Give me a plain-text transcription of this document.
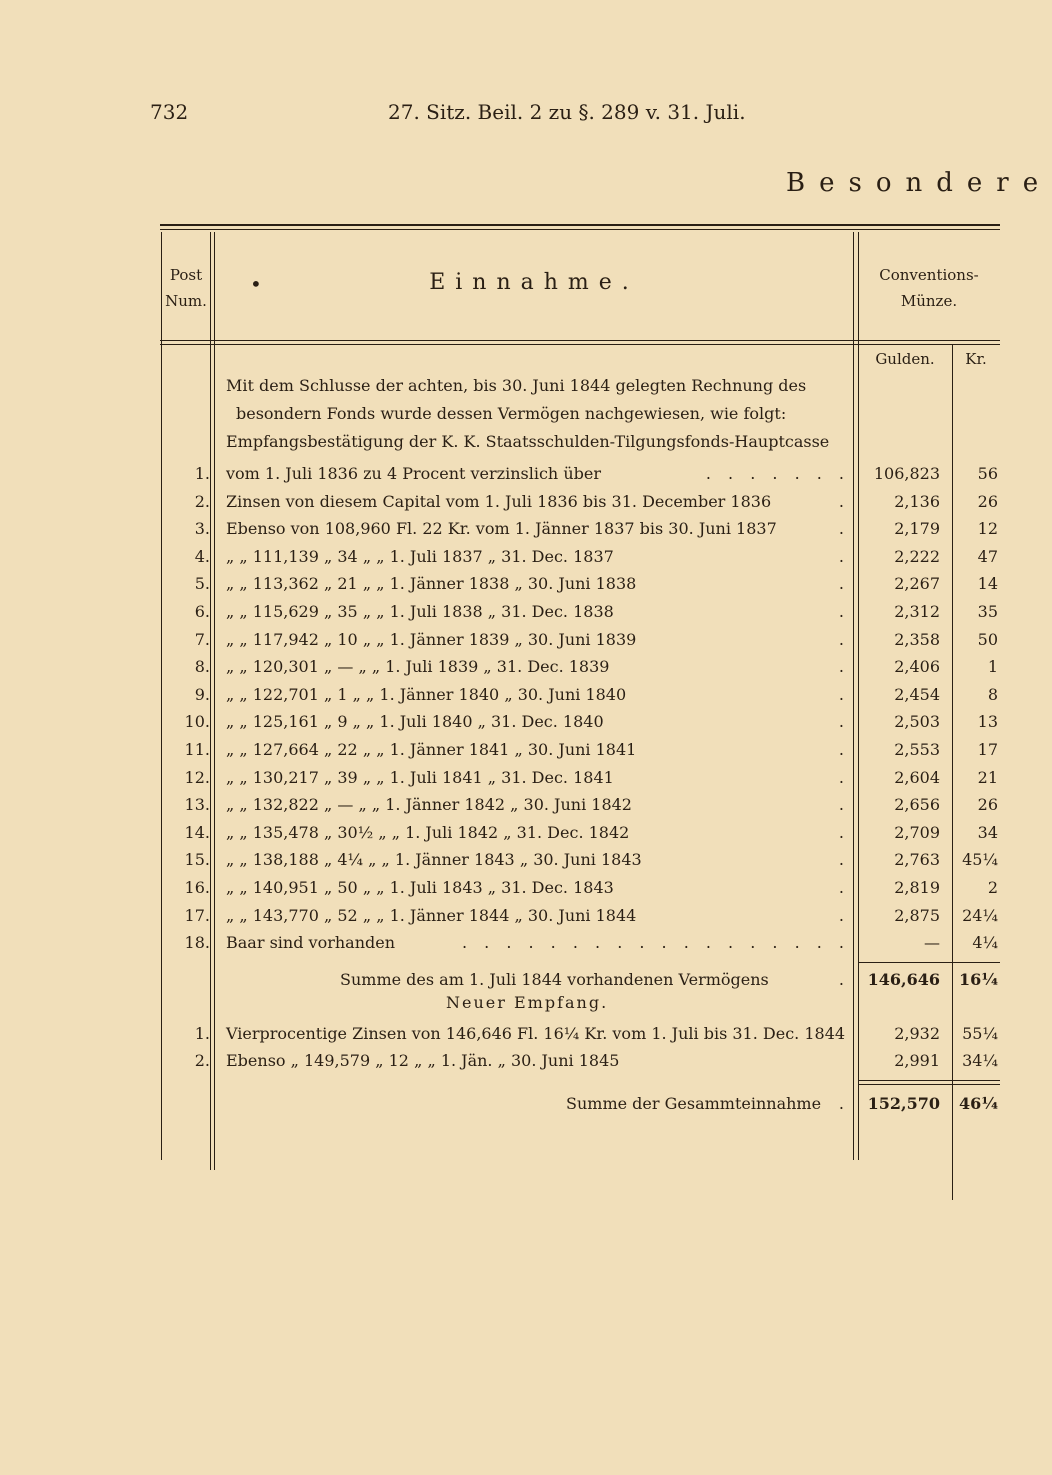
732	27. Sitz. Beil. 2 zu §. 289 v. 31. Juli.
Besondere
Post
Num.
•	Einnahme.	Conventions-
Münze.
Gulden.	Kr.
Mit dem Schlusse der achten, bis 30. Juni 1844 gelegten Rechnung des
besondern Fonds wurde dessen Vermögen nachgewiesen, wie folgt:
Empfangsbestätigung der K. K. Staatsschulden-Tilgungsfonds-Hauptcasse
1. vom 1. Juli 1836 zu 4 Procent verzinslich über	. . . . . . .	106,823	56
2. Zinsen von diesem Capital vom 1. Juli 1836 bis 31. December 1836	.	2,136	26
3. Ebenso von 108,960 Fl. 22 Kr. vom 1. Jänner 1837 bis 30. Juni 1837	.	2,179	12
4. „ „ 111,139 „ 34 „ „ 1. Juli 1837 „ 31. Dec. 1837	.	2,222	47
5. „ „ 113,362 „ 21 „ „ 1. Jänner 1838 „ 30. Juni 1838	.	2,267	14
6. „ „ 115,629 „ 35 „ „ 1. Juli 1838 „ 31. Dec. 1838	.	2,312	35
7. „ „ 117,942 „ 10 „ „ 1. Jänner 1839 „ 30. Juni 1839	.	2,358	50
8. „ „ 120,301 „ — „ „ 1. Juli 1839 „ 31. Dec. 1839	.	2,406	1
9. „ „ 122,701 „ 1 „ „ 1. Jänner 1840 „ 30. Juni 1840	.	2,454	8
10. „ „ 125,161 „ 9 „ „ 1. Juli 1840 „ 31. Dec. 1840	.	2,503	13
11. „ „ 127,664 „ 22 „ „ 1. Jänner 1841 „ 30. Juni 1841	.	2,553	17
12. „ „ 130,217 „ 39 „ „ 1. Juli 1841 „ 31. Dec. 1841	.	2,604	21
13. „ „ 132,822 „ — „ „ 1. Jänner 1842 „ 30. Juni 1842	.	2,656	26
14. „ „ 135,478 „ 30½ „ „ 1. Juli 1842 „ 31. Dec. 1842	.	2,709	34
15. „ „ 138,188 „ 4¼ „ „ 1. Jänner 1843 „ 30. Juni 1843	.	2,763	45¼
16. „ „ 140,951 „ 50 „ „ 1. Juli 1843 „ 31. Dec. 1843	.	2,819	2
17. „ „ 143,770 „ 52 „ „ 1. Jänner 1844 „ 30. Juni 1844	.	2,875	24¼
18. Baar sind vorhanden	. . . . . . . . . . . . . . . . . .	—	4¼
Summe des am 1. Juli 1844 vorhandenen Vermögens	.	146,646	16¼
Neuer Empfang.
1. Vierprocentige Zinsen von 146,646 Fl. 16¼ Kr. vom 1. Juli bis 31. Dec. 1844	2,932	55¼
2. Ebenso „ 149,579 „ 12 „ „ 1. Jän. „ 30. Juni 1845	2,991	34¼
Summe der Gesammteinnahme	.	152,570	46¼
